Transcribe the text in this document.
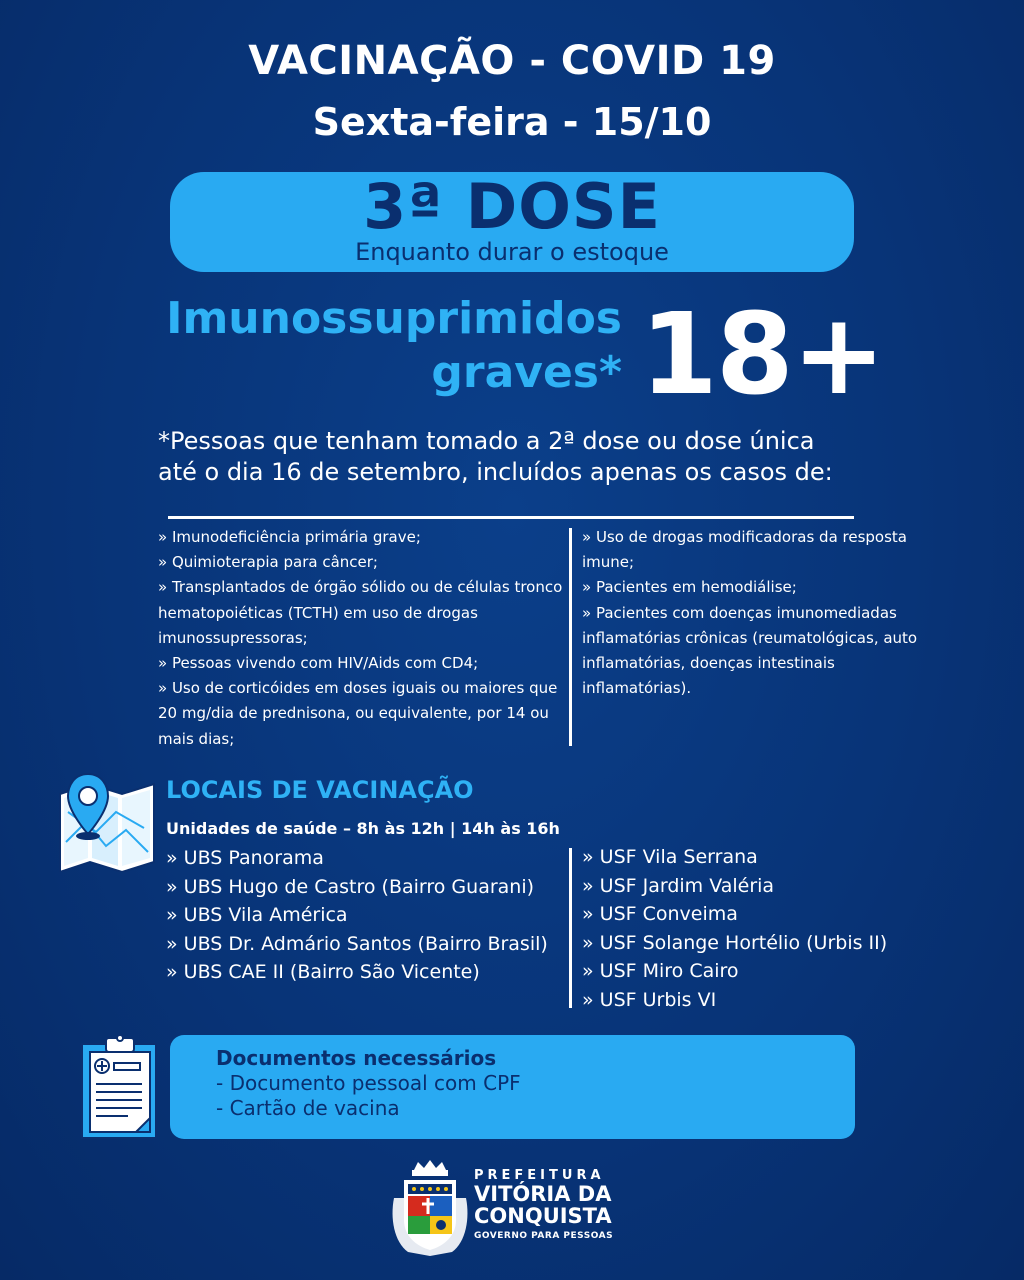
VACINAÇÃO - COVID 19
Sexta-feira - 15/10
3ª DOSE
Enquanto durar o estoque
Imunossuprimidos
graves* 18+
*Pessoas que tenham tomado a 2ª dose ou dose única
até o dia 16 de setembro, incluídos apenas os casos de:
» Imunodeficiência primária grave;
» Quimioterapia para câncer;
» Transplantados de órgão sólido ou de células tronco hematopoiéticas (TCTH) em uso de drogas imunossupressoras;
» Pessoas vivendo com HIV/Aids com CD4;
» Uso de corticóides em doses iguais ou maiores que 20 mg/dia de prednisona, ou equivalente, por 14 ou mais dias;
» Uso de drogas modificadoras da resposta imune;
» Pacientes em hemodiálise;
» Pacientes com doenças imunomediadas inflamatórias crônicas (reumatológicas, auto inflamatórias, doenças intestinais inflamatórias).
LOCAIS DE VACINAÇÃO
Unidades de saúde – 8h às 12h | 14h às 16h
» UBS Panorama
» UBS Hugo de Castro (Bairro Guarani)
» UBS Vila América
» UBS Dr. Admário Santos (Bairro Brasil)
» UBS CAE II (Bairro São Vicente)
» USF Vila Serrana
» USF Jardim Valéria
» USF Conveima
» USF Solange Hortélio (Urbis II)
» USF Miro Cairo
» USF Urbis VI
Documentos necessários
- Documento pessoal com CPF
- Cartão de vacina
PREFEITURA
VITÓRIA DA
CONQUISTA
GOVERNO PARA PESSOAS
